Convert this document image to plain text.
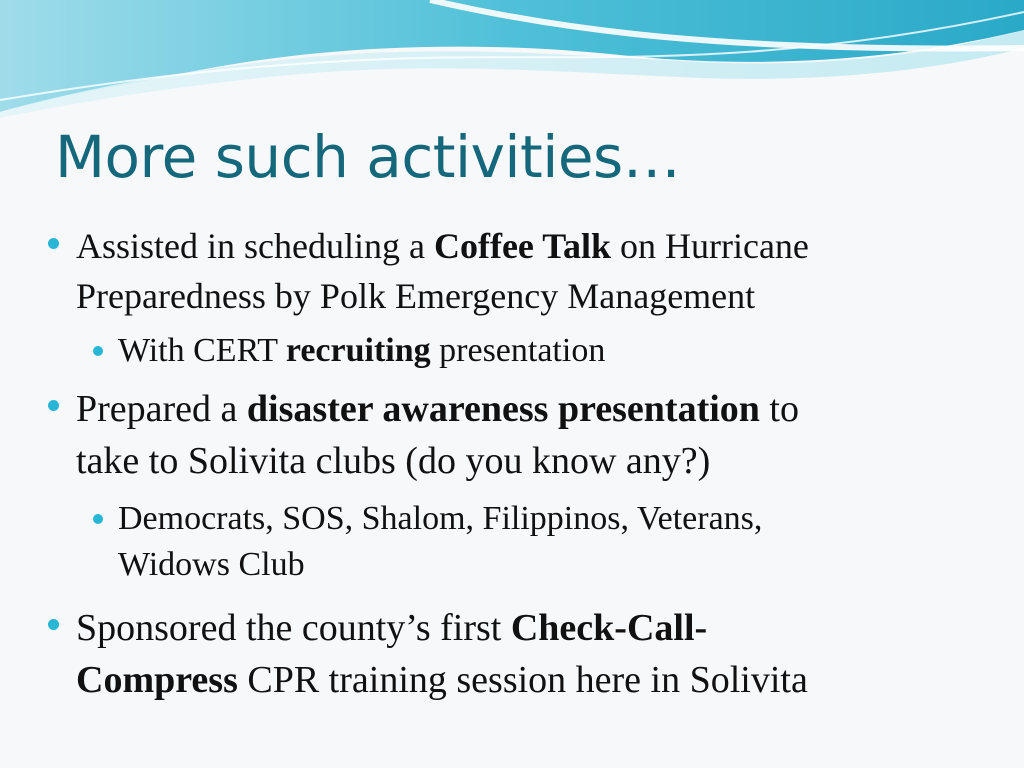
More such activities…
Assisted in scheduling a Coffee Talk on Hurricane
Preparedness by Polk Emergency Management
With CERT recruiting presentation
Prepared a disaster awareness presentation to
take to Solivita clubs (do you know any?)
Democrats, SOS, Shalom, Filippinos, Veterans,
Widows Club
Sponsored the county’s first Check-Call-
Compress CPR training session here in Solivita
